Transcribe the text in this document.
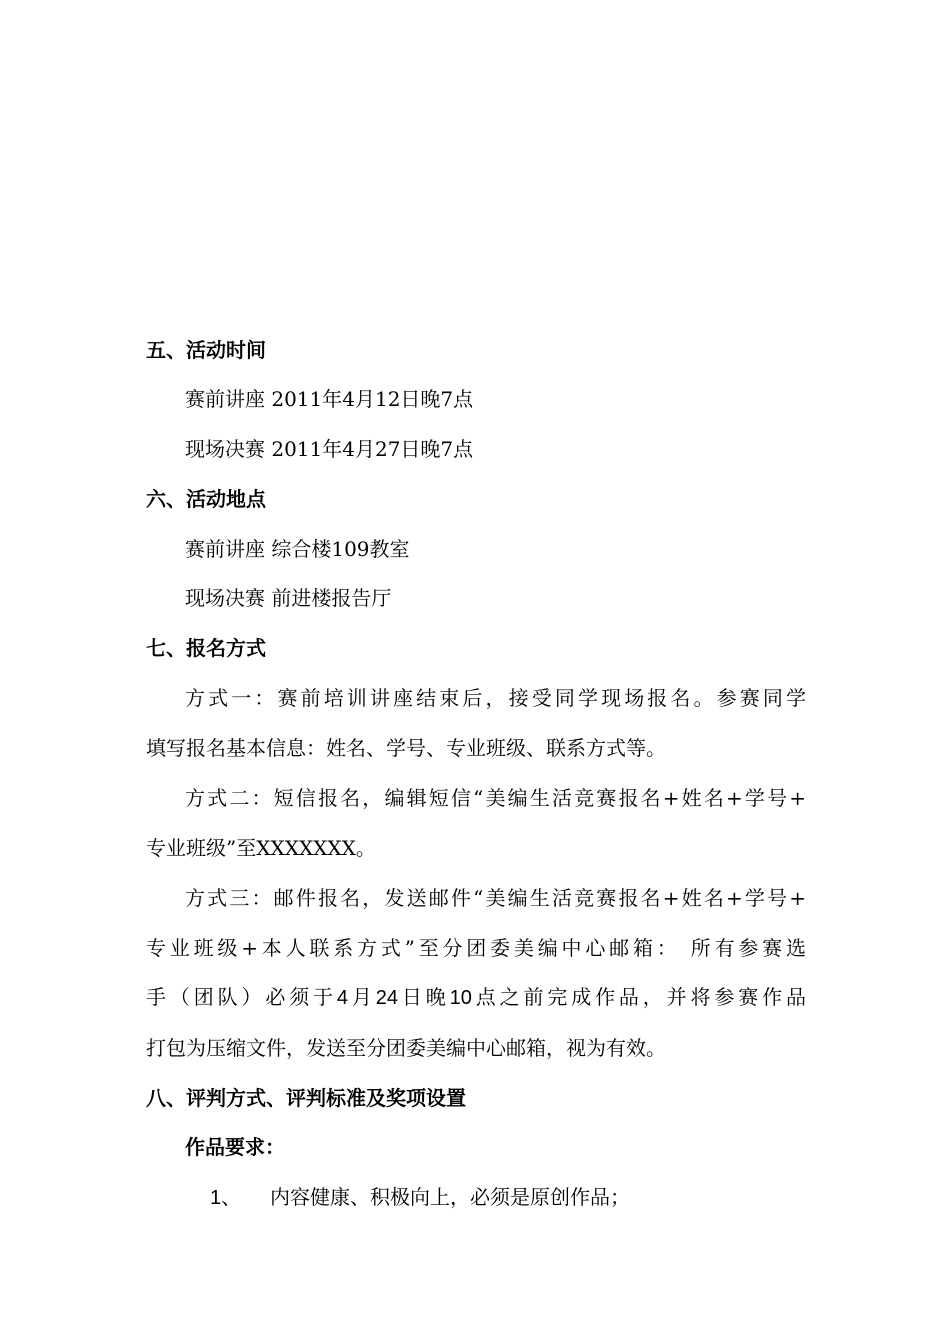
五、活动时间
赛前讲座 2011年4月12日晚7点
现场决赛 2011年4月27日晚7点
六、活动地点
赛前讲座 综合楼109教室
现场决赛 前进楼报告厅
七、报名方式
方式一：赛前培训讲座结束后，接受同学现场报名。参赛同学
填写报名基本信息：姓名、学号、专业班级、联系方式等。
方式二：短信报名，编辑短信“美编生活竞赛报名+姓名+学号+
专业班级”至XXXXXXX。
方式三：邮件报名，发送邮件“美编生活竞赛报名+姓名+学号+
专业班级+本人联系方式”至分团委美编中心邮箱： 所有参赛选
手（团队）必须于4月24日晚10点之前完成作品，并将参赛作品
打包为压缩文件，发送至分团委美编中心邮箱，视为有效。
八、评判方式、评判标准及奖项设置
作品要求：
1、 内容健康、积极向上，必须是原创作品；
